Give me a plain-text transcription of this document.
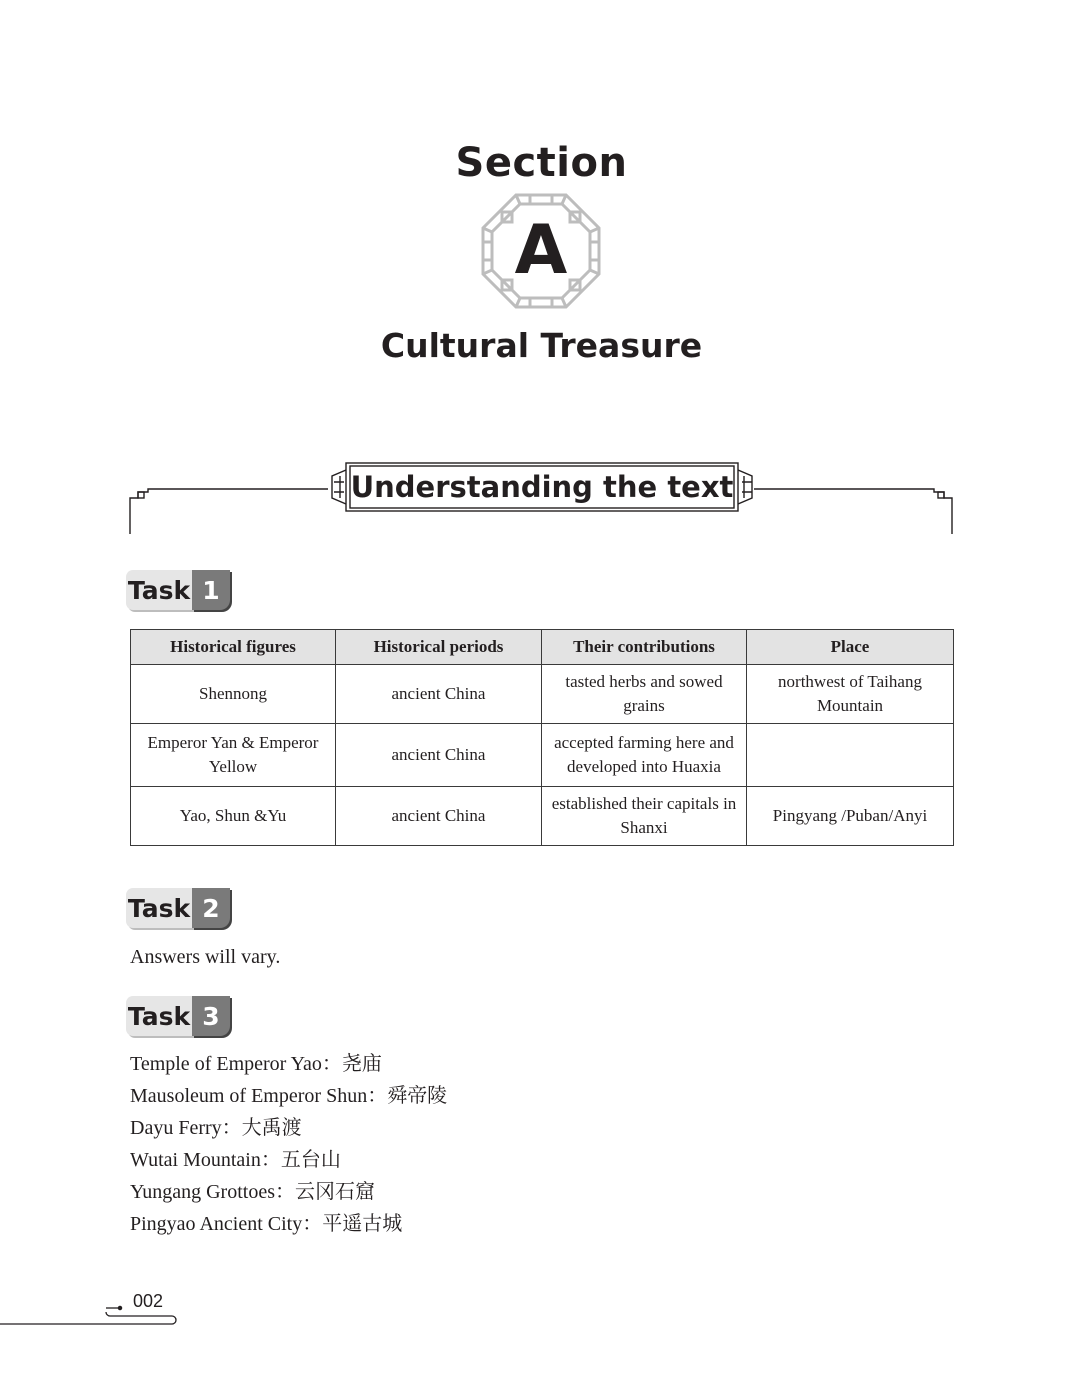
Section
A
Cultural Treasure
Understanding the text
Task 1
Historical figures	Historical periods	Their contributions	Place
Shennong	ancient China	tasted herbs and sowed grains	northwest of Taihang Mountain
Emperor Yan & Emperor Yellow	ancient China	accepted farming here and developed into Huaxia	
Yao, Shun &Yu	ancient China	established their capitals in Shanxi	Pingyang /Puban/Anyi
Task 2
Answers will vary.
Task 3
Temple of Emperor Yao：尧庙
Mausoleum of Emperor Shun：舜帝陵
Dayu Ferry：大禹渡
Wutai Mountain：五台山
Yungang Grottoes：云冈石窟
Pingyao Ancient City：平遥古城
002
